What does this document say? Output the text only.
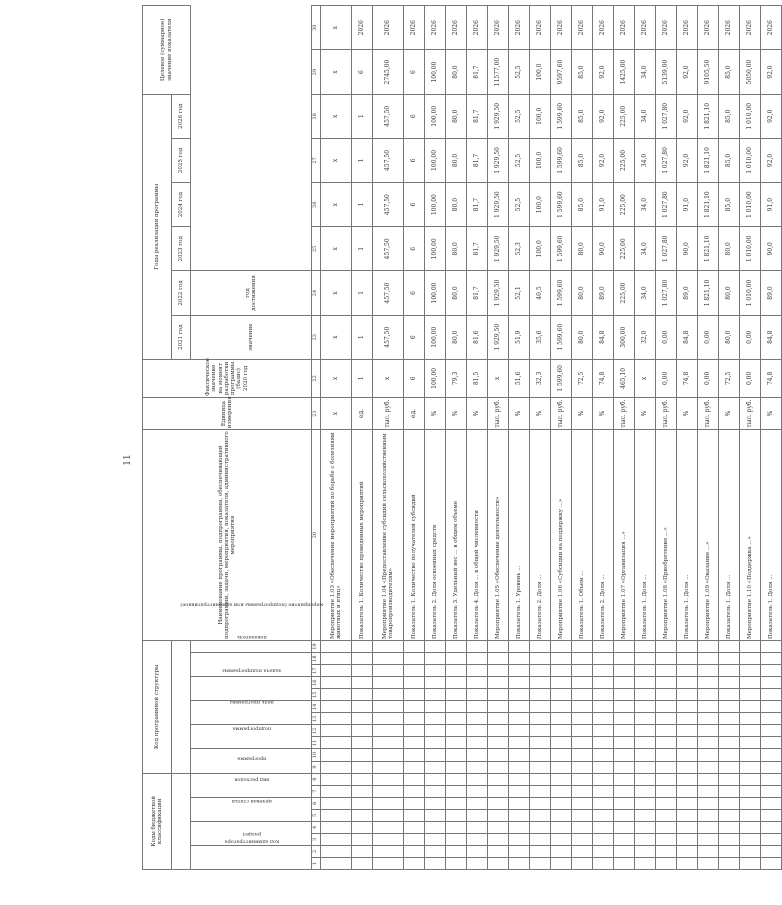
11
Коды бюджетной классификации								Код программной структуры											Наименование программы, подпрограммы, обеспечивающей подпрограммы, задачи, мероприятия, показателя, административного мероприятия	Единица измерения	Фактическое значение на момент разработки программы (базис) 2020 год	Годы реализации программы						Целевое (суммарное) значение показателя	
																						2021 год	2022 год	2023 год	2024 год	2025 год	2026 год		
код администратора		раздел		целевая статья		вид расходов		программа		подпрограмма		цель программы		задача подпрограммы		мероприятие (подпрограммы или административное)		показатель				значение	год достижения						
1	2	3	4	5	6	7	8	9	10	11	12	13	14	15	16	17	18	19	20	21	22	23	24	25	26	27	28	29	30
																			Мероприятие 1.03 «Обеспечение мероприятий по борьбе с болезнями животных и птиц»	х	х	х	х	х	х	х	х	х	х
																			Показатель 1. Количество проведенных мероприятий	ед.	1	1	1	1	1	1	1	6	2026
																			Мероприятие 1.04 «Предоставление субсидий сельскохозяйственным товаропроизводителям»	тыс. руб.	х	457,50	457,50	457,50	457,50	457,50	457,50	2745,00	2026
																			Показатель 1. Количество получателей субсидий	ед.	6	6	6	6	6	6	6	6	2026
																			Показатель 2. Доля освоенных средств	%	100,00	100,00	100,00	100,00	100,00	100,00	100,00	100,00	2026
																			Показатель 3. Удельный вес ... в общем объеме	%	79,3	80,0	80,0	80,0	80,0	80,0	80,0	80,0	2026
																			Показатель 4. Доля ... в общей численности	%	81,5	81,6	81,7	81,7	81,7	81,7	81,7	81,7	2026
																			Мероприятие 1.05 «Обеспечение деятельности»	тыс. руб.	х	1 929,50	1 929,50	1 929,50	1 929,50	1 929,50	1 929,50	11577,00	2026
																			Показатель 1. Уровень ...	%	51,6	51,9	52,1	52,3	52,5	52,5	52,5	52,5	2026
																			Показатель 2. Доля ...	%	32,3	35,6	40,5	100,0	100,0	100,0	100,0	100,0	2026
																			Мероприятие 1.06 «Субсидии на поддержку ...»	тыс. руб.	1 599,60	1 599,60	1 599,60	1 599,60	1 599,60	1 599,60	1 599,60	9597,60	2026
																			Показатель 1. Объем ...	%	72,5	80,0	80,0	80,0	85,0	85,0	85,0	85,0	2026
																			Показатель 2. Доля ...	%	74,8	84,8	89,0	90,0	91,0	92,0	92,0	92,0	2026
																			Мероприятие 1.07 «Организация ...»	тыс. руб.	465,10	300,00	225,00	225,00	225,00	225,00	225,00	1425,00	2026
																			Показатель 1. Доля ...	%	х	32,0	34,0	34,0	34,0	34,0	34,0	34,0	2026
																			Мероприятие 1.08 «Приобретение ...»	тыс. руб.	0,00	0,00	1 027,80	1 027,80	1 027,80	1 027,80	1 027,80	5139,00	2026
																			Показатель 1. Доля ...	%	74,8	84,8	89,0	90,0	91,0	92,0	92,0	92,0	2026
																			Мероприятие 1.09 «Оказание ...»	тыс. руб.	0,00	0,00	1 821,10	1 821,10	1 821,10	1 821,10	1 821,10	9105,50	2026
																			Показатель 1. Доля ...	%	72,5	80,0	80,0	80,0	85,0	85,0	85,0	85,0	2026
																			Мероприятие 1.10 «Поддержка ...»	тыс. руб.	0,00	0,00	1 010,00	1 010,00	1 010,00	1 010,00	1 010,00	5050,00	2026
																			Показатель 1. Доля ...	%	74,8	84,8	89,0	90,0	91,0	92,0	92,0	92,0	2026
